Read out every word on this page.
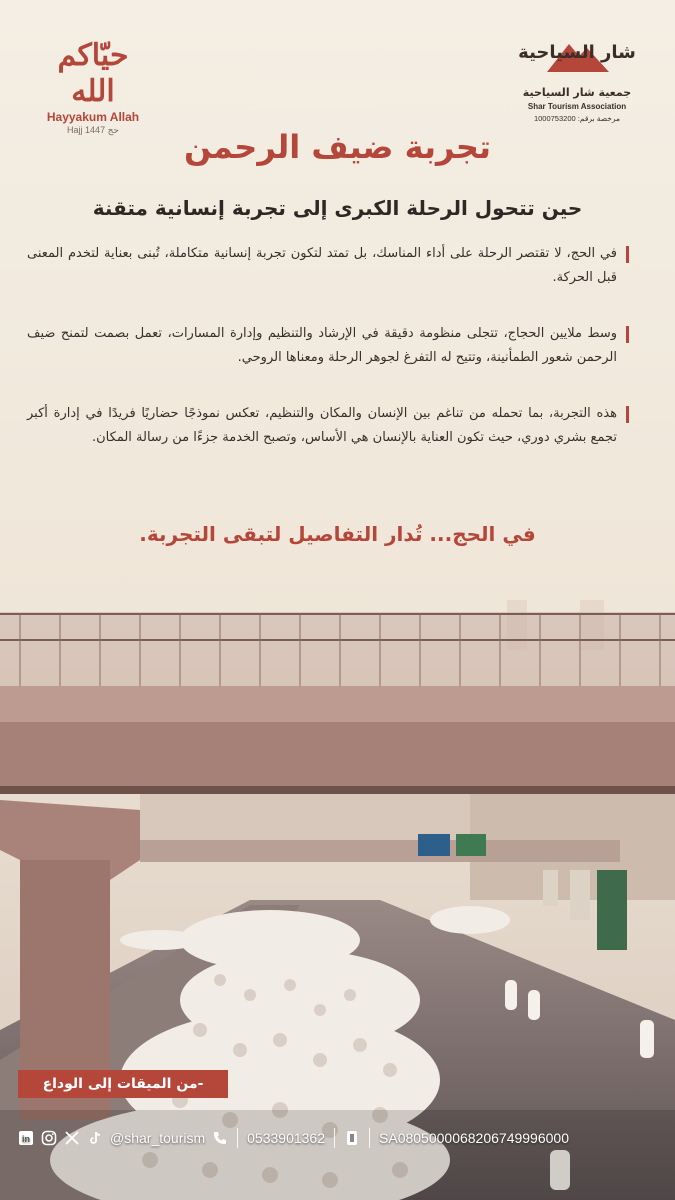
حيّاكم الله
Hayyakum Allah
Hajj 1447 حج
شار السياحية
جمعية شار السياحية
Shar Tourism Association
مرخصة برقم: 1000753200
تجربة ضيف الرحمن
حين تتحول الرحلة الكبرى إلى تجربة إنسانية متقنة
في الحج، لا تقتصر الرحلة على أداء المناسك، بل تمتد لتكون تجربة إنسانية متكاملة، تُبنى بعناية لتخدم المعنى قبل الحركة.
وسط ملايين الحجاج، تتجلى منظومة دقيقة في الإرشاد والتنظيم وإدارة المسارات، تعمل بصمت لتمنح ضيف الرحمن شعور الطمأنينة، وتتيح له التفرغ لجوهر الرحلة ومعناها الروحي.
هذه التجربة، بما تحمله من تناغم بين الإنسان والمكان والتنظيم، تعكس نموذجًا حضاريًا فريدًا في إدارة أكبر تجمع بشري دوري، حيث تكون العناية بالإنسان هي الأساس، وتصبح الخدمة جزءًا من رسالة المكان.
في الحج... تُدار التفاصيل لتبقى التجربة.
-من الميقات إلى الوداع
in	@shar_tourism	0533901362	SA0805000068206749996000
